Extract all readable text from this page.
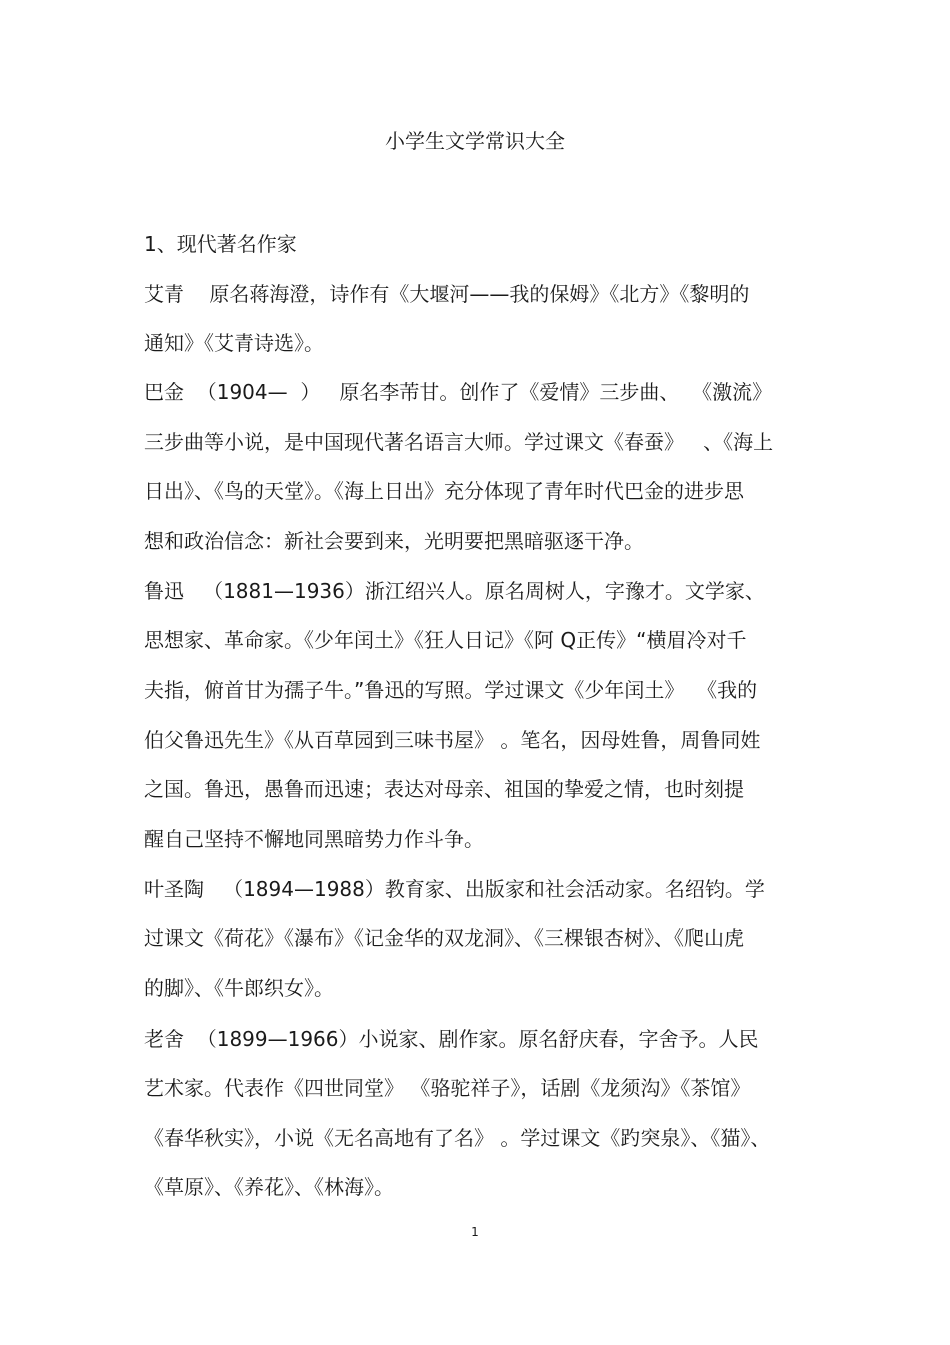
小学生文学常识大全
1、现代著名作家
艾青    原名蒋海澄，诗作有《大堰河——我的保姆》《北方》《黎明的
通知》《艾青诗选》。
巴金  （1904—  ）   原名李芾甘。创作了《爱情》三步曲、  《激流》
三步曲等小说，是中国现代著名语言大师。学过课文《春蚕》   、《海上
日出》、《鸟的天堂》。《海上日出》充分体现了青年时代巴金的进步思
想和政治信念：新社会要到来，光明要把黑暗驱逐干净。
鲁迅   （1881—1936）浙江绍兴人。原名周树人，字豫才。文学家、
思想家、革命家。《少年闰土》《狂人日记》《阿 Q正传》“横眉冷对千
夫指，俯首甘为孺子牛。”鲁迅的写照。学过课文《少年闰土》  《我的
伯父鲁迅先生》《从百草园到三味书屋》 。笔名，因母姓鲁，周鲁同姓
之国。鲁迅，愚鲁而迅速；表达对母亲、祖国的挚爱之情，也时刻提
醒自己坚持不懈地同黑暗势力作斗争。
叶圣陶   （1894—1988）教育家、出版家和社会活动家。名绍钧。学
过课文《荷花》《瀑布》《记金华的双龙洞》、《三棵银杏树》、《爬山虎
的脚》、《牛郎织女》。
老舍  （1899—1966）小说家、剧作家。原名舒庆春，字舍予。人民
艺术家。代表作《四世同堂》 《骆驼祥子》，话剧《龙须沟》《茶馆》
《春华秋实》，小说《无名高地有了名》 。学过课文《趵突泉》、《猫》、
《草原》、《养花》、《林海》。
1
